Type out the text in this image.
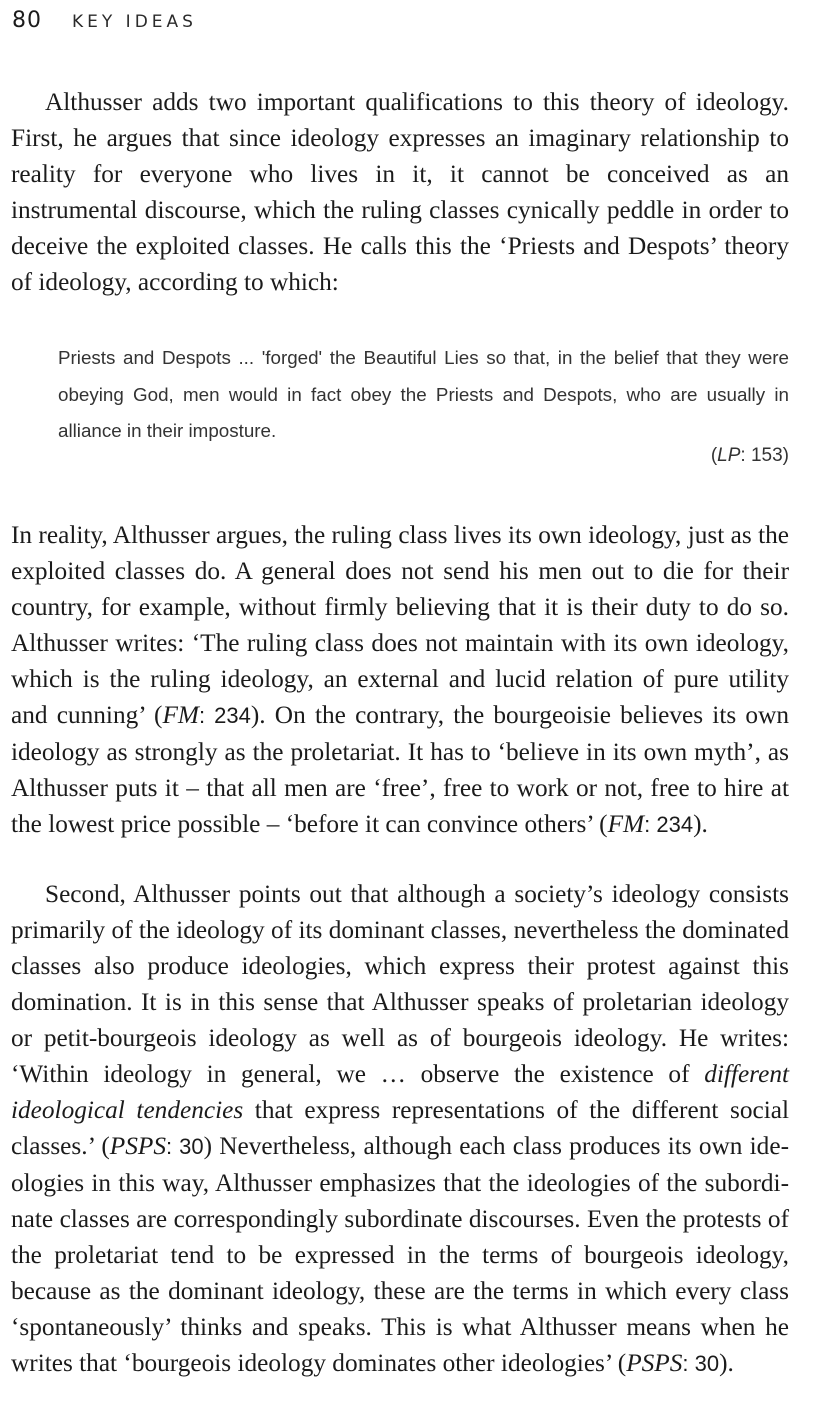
80 KEY IDEAS

Althusser adds two important qualifications to this theory of ideology. First, he argues that since ideology expresses an imaginary relationship to reality for everyone who lives in it, it cannot be conceived as an instrumental discourse, which the ruling classes cynically peddle in order to deceive the exploited classes. He calls this the ‘Priests and Despots’ theory of ideology, according to which:

Priests and Despots ... 'forged' the Beautiful Lies so that, in the belief that they were obeying God, men would in fact obey the Priests and Despots, who are usually in alliance in their imposture.

(LP: 153)

In reality, Althusser argues, the ruling class lives its own ideology, just as the exploited classes do. A general does not send his men out to die for their country, for example, without firmly believing that it is their duty to do so. Althusser writes: ‘The ruling class does not maintain with its own ideology, which is the ruling ideology, an external and lucid relation of pure utility and cunning’ (FM: 234). On the contrary, the bourgeoisie believes its own ideology as strongly as the proletariat. It has to ‘believe in its own myth’, as Althusser puts it – that all men are ‘free’, free to work or not, free to hire at the lowest price possible – ‘before it can convince others’ (FM: 234).

Second, Althusser points out that although a society’s ideology consists primarily of the ideology of its dominant classes, nevertheless the dominated classes also produce ideologies, which express their protest against this domination. It is in this sense that Althusser speaks of proletarian ideology or petit-bourgeois ideology as well as of bourgeois ideology. He writes: ‘Within ideology in general, we … observe the existence of different ideological tendencies that express representations of the different social classes.’ (PSPS: 30) Nevertheless, although each class produces its own ideologies in this way, Althusser emphasizes that the ideologies of the subordinate classes are correspondingly subordinate discourses. Even the protests of the proletariat tend to be expressed in the terms of bourgeois ideology, because as the dominant ideology, these are the terms in which every class ‘spontaneously’ thinks and speaks. This is what Althusser means when he writes that ‘bourgeois ideology dominates other ideologies’ (PSPS: 30).
